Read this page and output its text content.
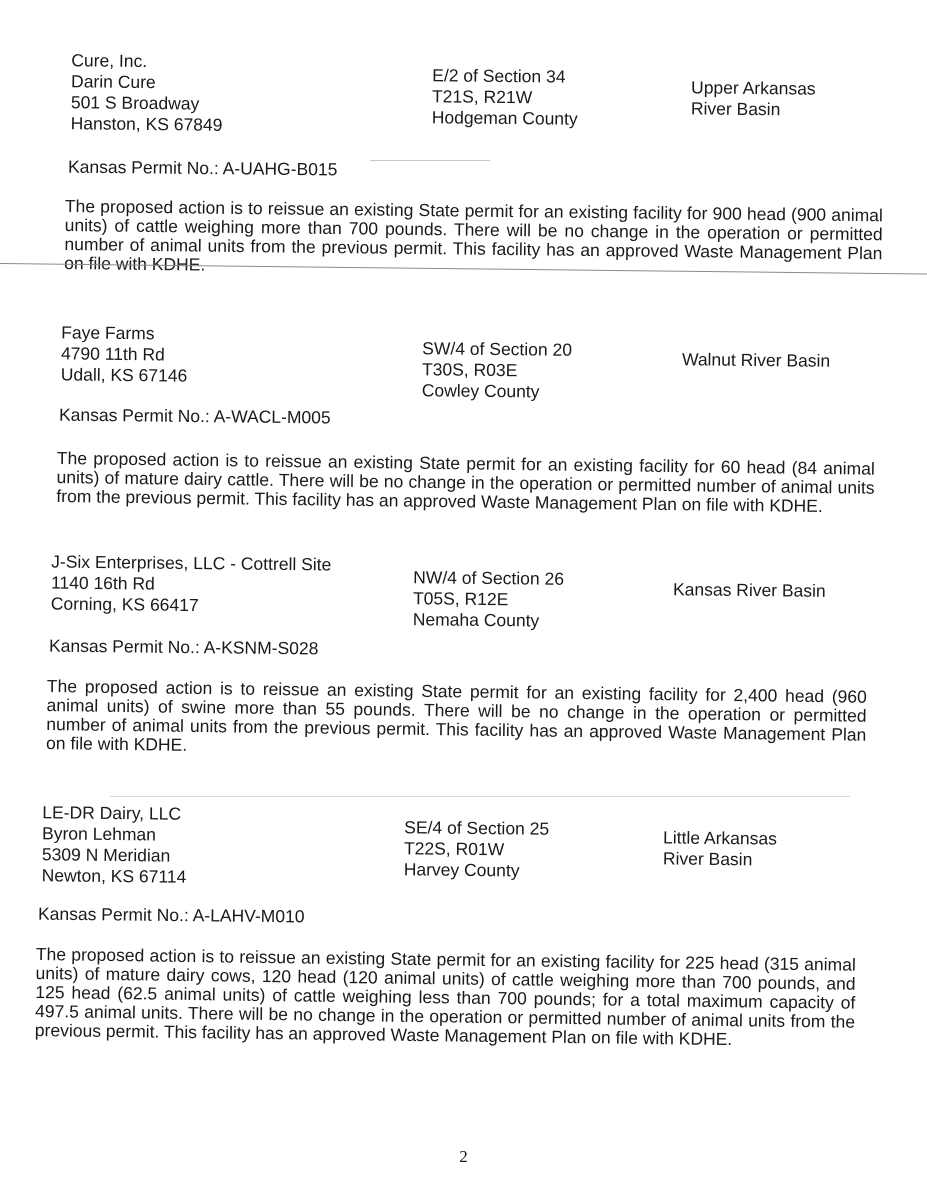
Cure, Inc.
Darin Cure
501 S Broadway
Hanston, KS 67849
E/2 of Section 34
T21S, R21W
Hodgeman County
Upper Arkansas
River Basin
Kansas Permit No.: A-UAHG-B015
The proposed action is to reissue an existing State permit for an existing facility for 900 head (900 animal units) of cattle weighing more than 700 pounds. There will be no change in the operation or permitted number of animal units from the previous permit. This facility has an approved Waste Management Plan on file with KDHE.
Faye Farms
4790 11th Rd
Udall, KS 67146
SW/4 of Section 20
T30S, R03E
Cowley County
Walnut River Basin
Kansas Permit No.: A-WACL-M005
The proposed action is to reissue an existing State permit for an existing facility for 60 head (84 animal units) of mature dairy cattle. There will be no change in the operation or permitted number of animal units from the previous permit. This facility has an approved Waste Management Plan on file with KDHE.
J-Six Enterprises, LLC - Cottrell Site
1140 16th Rd
Corning, KS 66417
NW/4 of Section 26
T05S, R12E
Nemaha County
Kansas River Basin
Kansas Permit No.: A-KSNM-S028
The proposed action is to reissue an existing State permit for an existing facility for 2,400 head (960 animal units) of swine more than 55 pounds. There will be no change in the operation or permitted number of animal units from the previous permit. This facility has an approved Waste Management Plan on file with KDHE.
LE-DR Dairy, LLC
Byron Lehman
5309 N Meridian
Newton, KS 67114
SE/4 of Section 25
T22S, R01W
Harvey County
Little Arkansas
River Basin
Kansas Permit No.: A-LAHV-M010
The proposed action is to reissue an existing State permit for an existing facility for 225 head (315 animal units) of mature dairy cows, 120 head (120 animal units) of cattle weighing more than 700 pounds, and 125 head (62.5 animal units) of cattle weighing less than 700 pounds; for a total maximum capacity of 497.5 animal units. There will be no change in the operation or permitted number of animal units from the previous permit. This facility has an approved Waste Management Plan on file with KDHE.
2
